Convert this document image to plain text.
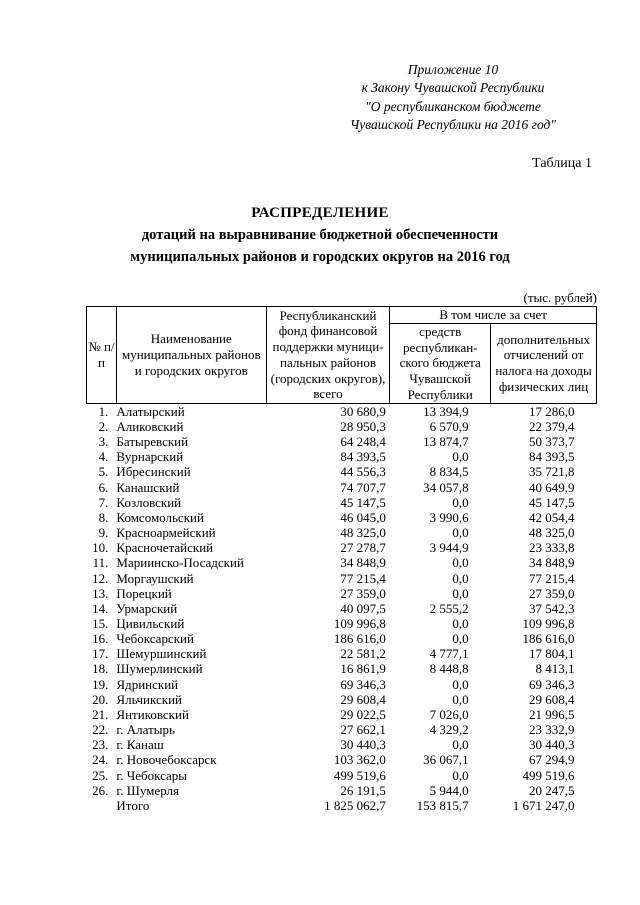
Приложение 10
к Закону Чувашской Республики
"О республиканском бюджете
Чувашской Республики на 2016 год"
Таблица 1
РАСПРЕДЕЛЕНИЕ
дотаций на выравнивание бюджетной обеспеченности
муниципальных районов и городских округов на 2016 год
(тыс. рублей)
№ п/п	Наименование муниципальных районов и городских округов	Республиканский фонд финансовой поддержки муници-пальных районов (городских округов), всего	В том числе за счет	
			средств республикан-ского бюджета Чувашской Республики	дополнительных отчислений от налога на доходы физических лиц
1.	Алатырский	30 680,9	13 394,9	17 286,0
2.	Аликовский	28 950,3	6 570,9	22 379,4
3.	Батыревский	64 248,4	13 874,7	50 373,7
4.	Вурнарский	84 393,5	0,0	84 393,5
5.	Ибресинский	44 556,3	8 834,5	35 721,8
6.	Канашский	74 707,7	34 057,8	40 649,9
7.	Козловский	45 147,5	0,0	45 147,5
8.	Комсомольский	46 045,0	3 990,6	42 054,4
9.	Красноармейский	48 325,0	0,0	48 325,0
10.	Красночетайский	27 278,7	3 944,9	23 333,8
11.	Мариинско-Посадский	34 848,9	0,0	34 848,9
12.	Моргаушский	77 215,4	0,0	77 215,4
13.	Порецкий	27 359,0	0,0	27 359,0
14.	Урмарский	40 097,5	2 555,2	37 542,3
15.	Цивильский	109 996,8	0,0	109 996,8
16.	Чебоксарский	186 616,0	0,0	186 616,0
17.	Шемуршинский	22 581,2	4 777,1	17 804,1
18.	Шумерлинский	16 861,9	8 448,8	8 413,1
19.	Ядринский	69 346,3	0,0	69 346,3
20.	Яльчикский	29 608,4	0,0	29 608,4
21.	Янтиковский	29 022,5	7 026,0	21 996,5
22.	г. Алатырь	27 662,1	4 329,2	23 332,9
23.	г. Канаш	30 440,3	0,0	30 440,3
24.	г. Новочебоксарск	103 362,0	36 067,1	67 294,9
25.	г. Чебоксары	499 519,6	0,0	499 519,6
26.	г. Шумерля	26 191,5	5 944,0	20 247,5
	Итого	1 825 062,7	153 815,7	1 671 247,0
